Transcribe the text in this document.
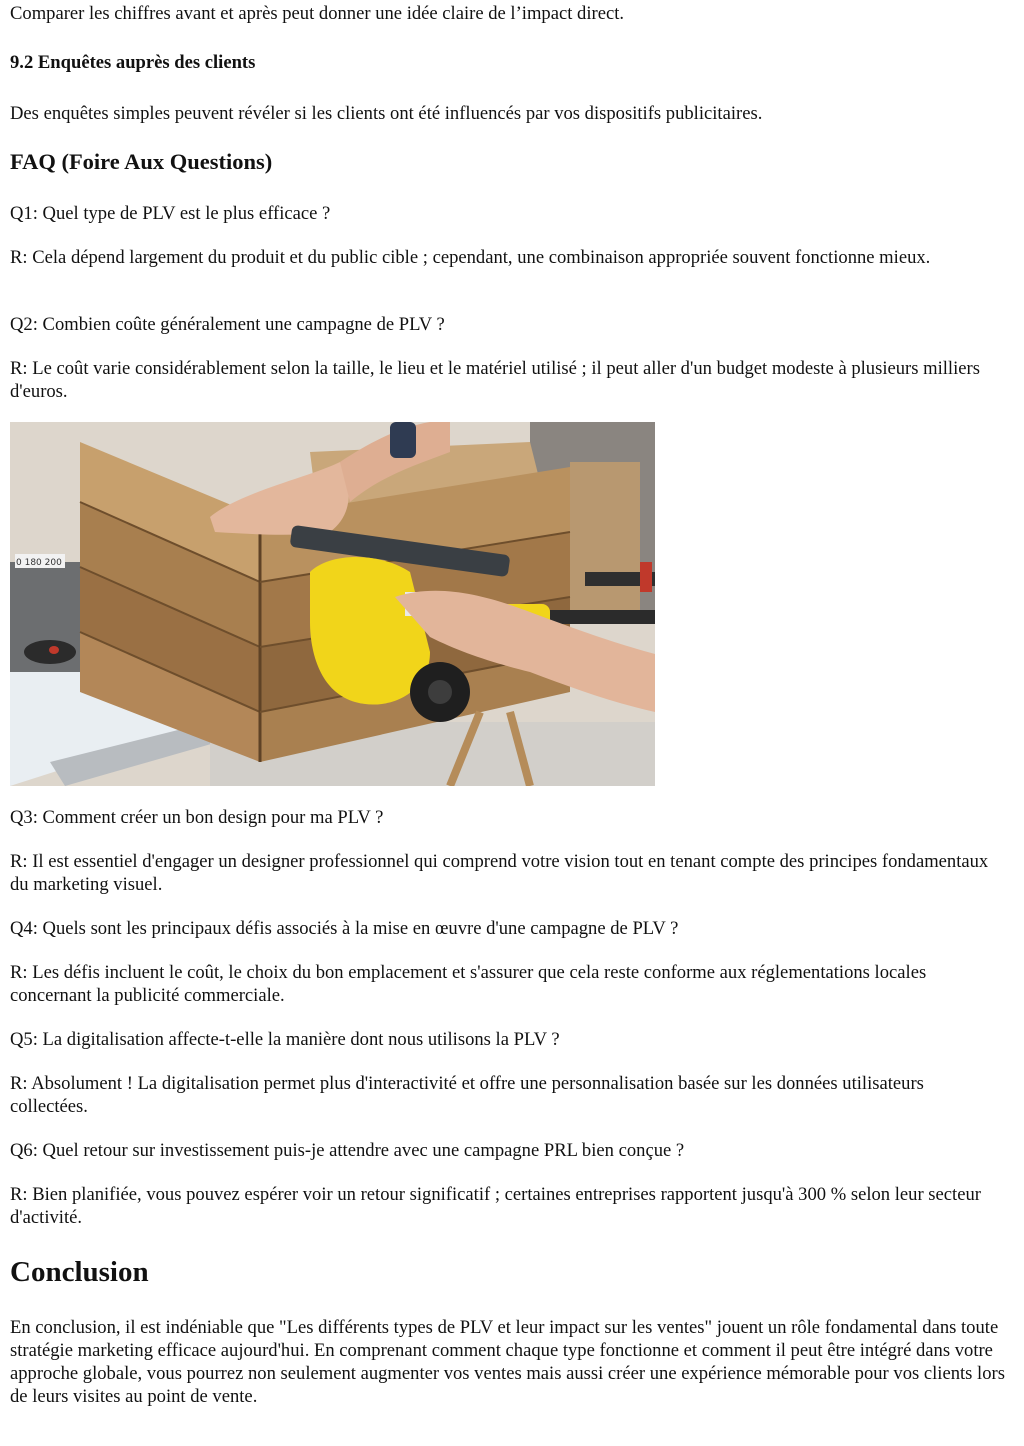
Comparer les chiffres avant et après peut donner une idée claire de l’impact direct.

9.2 Enquêtes auprès des clients

Des enquêtes simples peuvent révéler si les clients ont été influencés par vos dispositifs publicitaires.

FAQ (Foire Aux Questions)

Q1: Quel type de PLV est le plus efficace ?

R: Cela dépend largement du produit et du public cible ; cependant, une combinaison appropriée souvent fonctionne mieux.

Q2: Combien coûte généralement une campagne de PLV ?

R: Le coût varie considérablement selon la taille, le lieu et le matériel utilisé ; il peut aller d'un budget modeste à plusieurs milliers d'euros.

0 180 200

Q3: Comment créer un bon design pour ma PLV ?

R: Il est essentiel d'engager un designer professionnel qui comprend votre vision tout en tenant compte des principes fondamentaux du marketing visuel.

Q4: Quels sont les principaux défis associés à la mise en œuvre d'une campagne de PLV ?

R: Les défis incluent le coût, le choix du bon emplacement et s'assurer que cela reste conforme aux réglementations locales concernant la publicité commerciale.

Q5: La digitalisation affecte-t-elle la manière dont nous utilisons la PLV ?

R: Absolument ! La digitalisation permet plus d'interactivité et offre une personnalisation basée sur les données utilisateurs collectées.

Q6: Quel retour sur investissement puis-je attendre avec une campagne PRL bien conçue ?

R: Bien planifiée, vous pouvez espérer voir un retour significatif ; certaines entreprises rapportent jusqu'à 300 % selon leur secteur d'activité.

Conclusion

En conclusion, il est indéniable que "Les différents types de PLV et leur impact sur les ventes" jouent un rôle fondamental dans toute stratégie marketing efficace aujourd'hui. En comprenant comment chaque type fonctionne et comment il peut être intégré dans votre approche globale, vous pourrez non seulement augmenter vos ventes mais aussi créer une expérience mémorable pour vos clients lors de leurs visites au point de vente.
